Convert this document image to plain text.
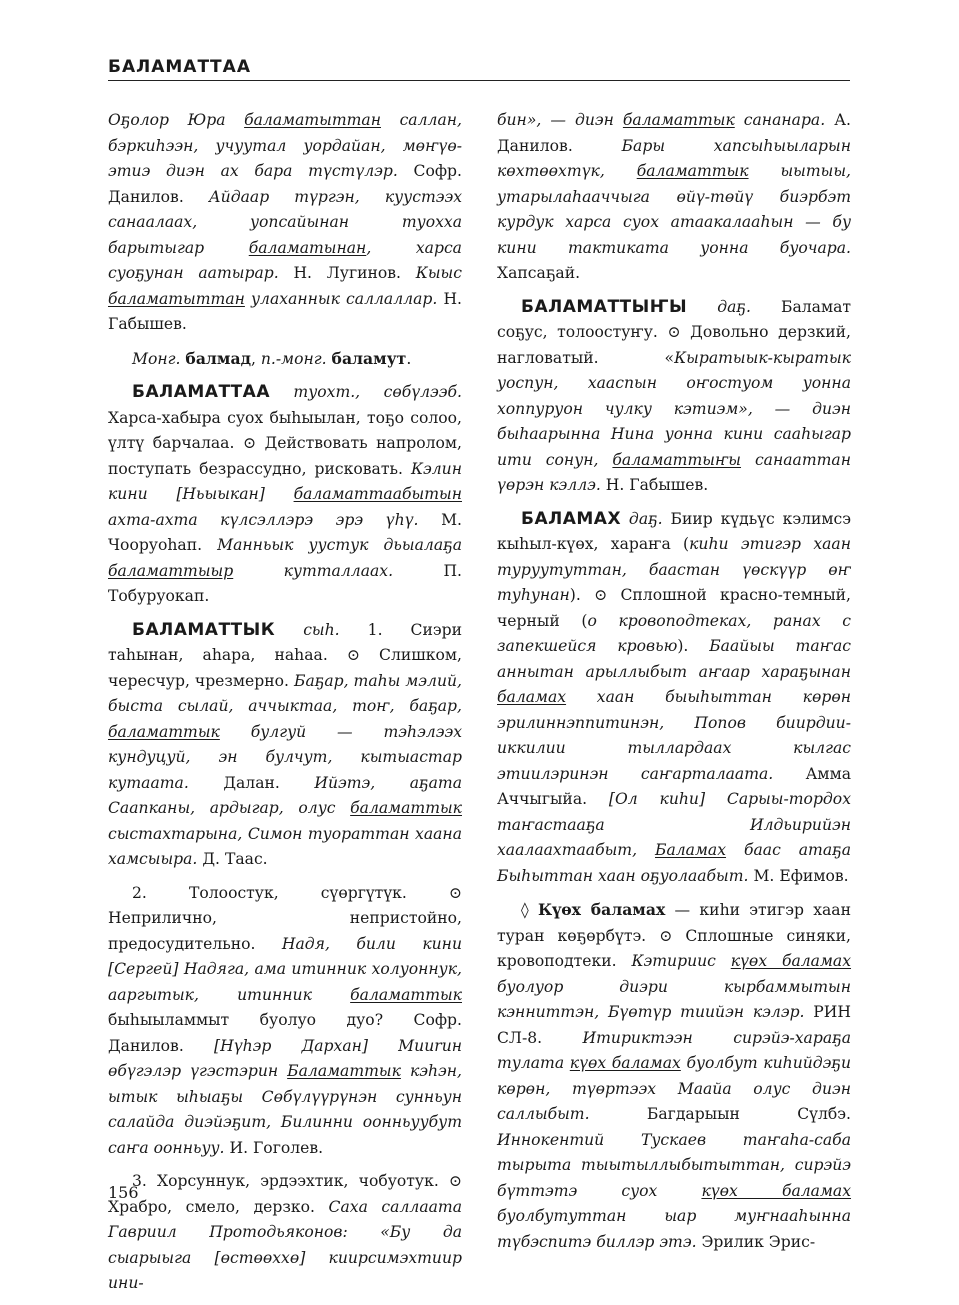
БАЛАМАТТАА

Оҕолор Юра баламатыттан саллан, бэркиһээн, учуутал уордайан, мөҥүө-этиэ диэн ах бара түстүлэр. Софр. Данилов. Айдаар түргэн, куустээх санаалаах, уопсайынан туоххa барытыгар баламатынан, харса суоҕунан аатырар. Н. Лугинов. Кыыс баламатыттан улаханнык саллаллар. Н. Габышев.

Монг. балмад, п.-монг. баламут.

БАЛАМАТТАА туохт., сөбүлээб. Харса-хабыра суох быһыылан, тоҕо солоо, үлтү барчалаа. ⊙ Действовать напролом, поступать безрассудно, рисковать. Кэлин кини [Ньыыкан] баламаттаабытын ахта-ахта күлсэллэрэ эрэ үһү. М. Чооруоһап. Манньык уустук дьыалаҕа баламаттыыр кутталлаах. П. Тобуруокап.

БАЛАМАТТЫК сыһ. 1. Сиэри таһынан, аһара, наһаа. ⊙ Слишком, чересчур, чрезмерно. Баҕар, таһы мэлий, быста сылай, аччыктаа, тоҥ, баҕар, баламаттык булгуй — тэһэлээх кундуцуй, эн булчут, кытыастар кутаата. Далан. Ийэтэ, аҕата Саапканы, ардыгар, олус баламаттык сыстахтарына, Симон туораттан хаана хамсыыра. Д. Таас.

2. Толоостук, сүөргүтүк. ⊙ Неприлично, непристойно, предосудительно. Надя, били кини [Сергей] Надяга, ама итинник холуоннук, ааргытык, итинник баламаттык быһыыламмыт буолуо дуо? Софр. Данилов. [Нүһэр Дархан] Мииrин өбүгэлэр үгэстэрин Баламаттык кэһэн, ытык ыһыаҕы Сөбүлүүрүнэн сунньун салайда диэйэҕит, Билинни оонньуубут саҥа оонньуу. И. Гоголев.

3. Хорсуннук, эрдээхтик, чобуотук. ⊙ Храбро, смело, дерзко. Саха саллаата Гавриил Протодьяконов: «Бу да сыарыыга [өстөөххө] киирсимэхтиир ини-

бин», — диэн баламаттык сананара. А. Данилов. Бары хапсыһыыларын көхтөөхтүк, баламаттык ыытыы, утарылаһааччыга өйү-төйү биэрбэт курдук харса суох атаакалааһын — бу кини тактиката уонна буочара. Хапсаҕай.

БАЛАМАТТЫҤЫ даҕ. Баламат соҕус, толоостуҥу. ⊙ Довольно дерзкий, нагловатый. «Кыратыык-кыратык уоспун, хааспын оҥостуом уонна хоппуруон чулку кэтиэм», — диэн быһаарынна Нина уонна кини сааһыгар ити сонун, баламаттыҥы санааттан үөрэн кэллэ. Н. Габышев.

БАЛАМАХ даҕ. Биир күдьүс кэлимсэ кыһыл-күөх, хараҥа (киһи этигэр хаан туруутуттан, баастан үөскүүр өҥ туһунан). ⊙ Сплошной красно-темный, черный (о кровоподтеках, ранах с запекшейся кровью). Баайыы таҥас аннытан арыллыбыт аҥаар хараҕынан баламах хаан быыһыттан көрөн эрилиннэппитинэн, Попов биирдии-иккилии тыллардаах кылгас этиилэринэн саҥарталаата. Амма Аччыгыйа. [Ол киһи] Сарыы-тордох таҥастааҕа Илдьирийэн хаалаахтаабыт, Баламах баас атаҕа Быһыттан хаан оҕуолаабыт. М. Ефимов.

◊ Күөх баламах — киһи этигэр хаан туран көҕөрбүтэ. ⊙ Сплошные синяки, кровоподтеки. Кэтириис күөх баламах буолуор диэри кырбаммытын кэнниттэн, Бүөтүр тиийэн кэлэр. РИН СЛ-8. Итириктээн сирэйэ-хараҕа тулата күөх баламах буолбут киһийдэҕи көрөн, түөртээх Маайа олус диэн саллыбыт. Багдарыын Сүлбэ. Иннокентий Тускаев таҥаһа-саба тырыта тыытыллыбытыттан, сирэйэ бүттэтэ суох күөх баламах буолбутуттан ыар муҥнааһынна түбэспитэ биллэр этэ. Эрилик Эрис-

156
